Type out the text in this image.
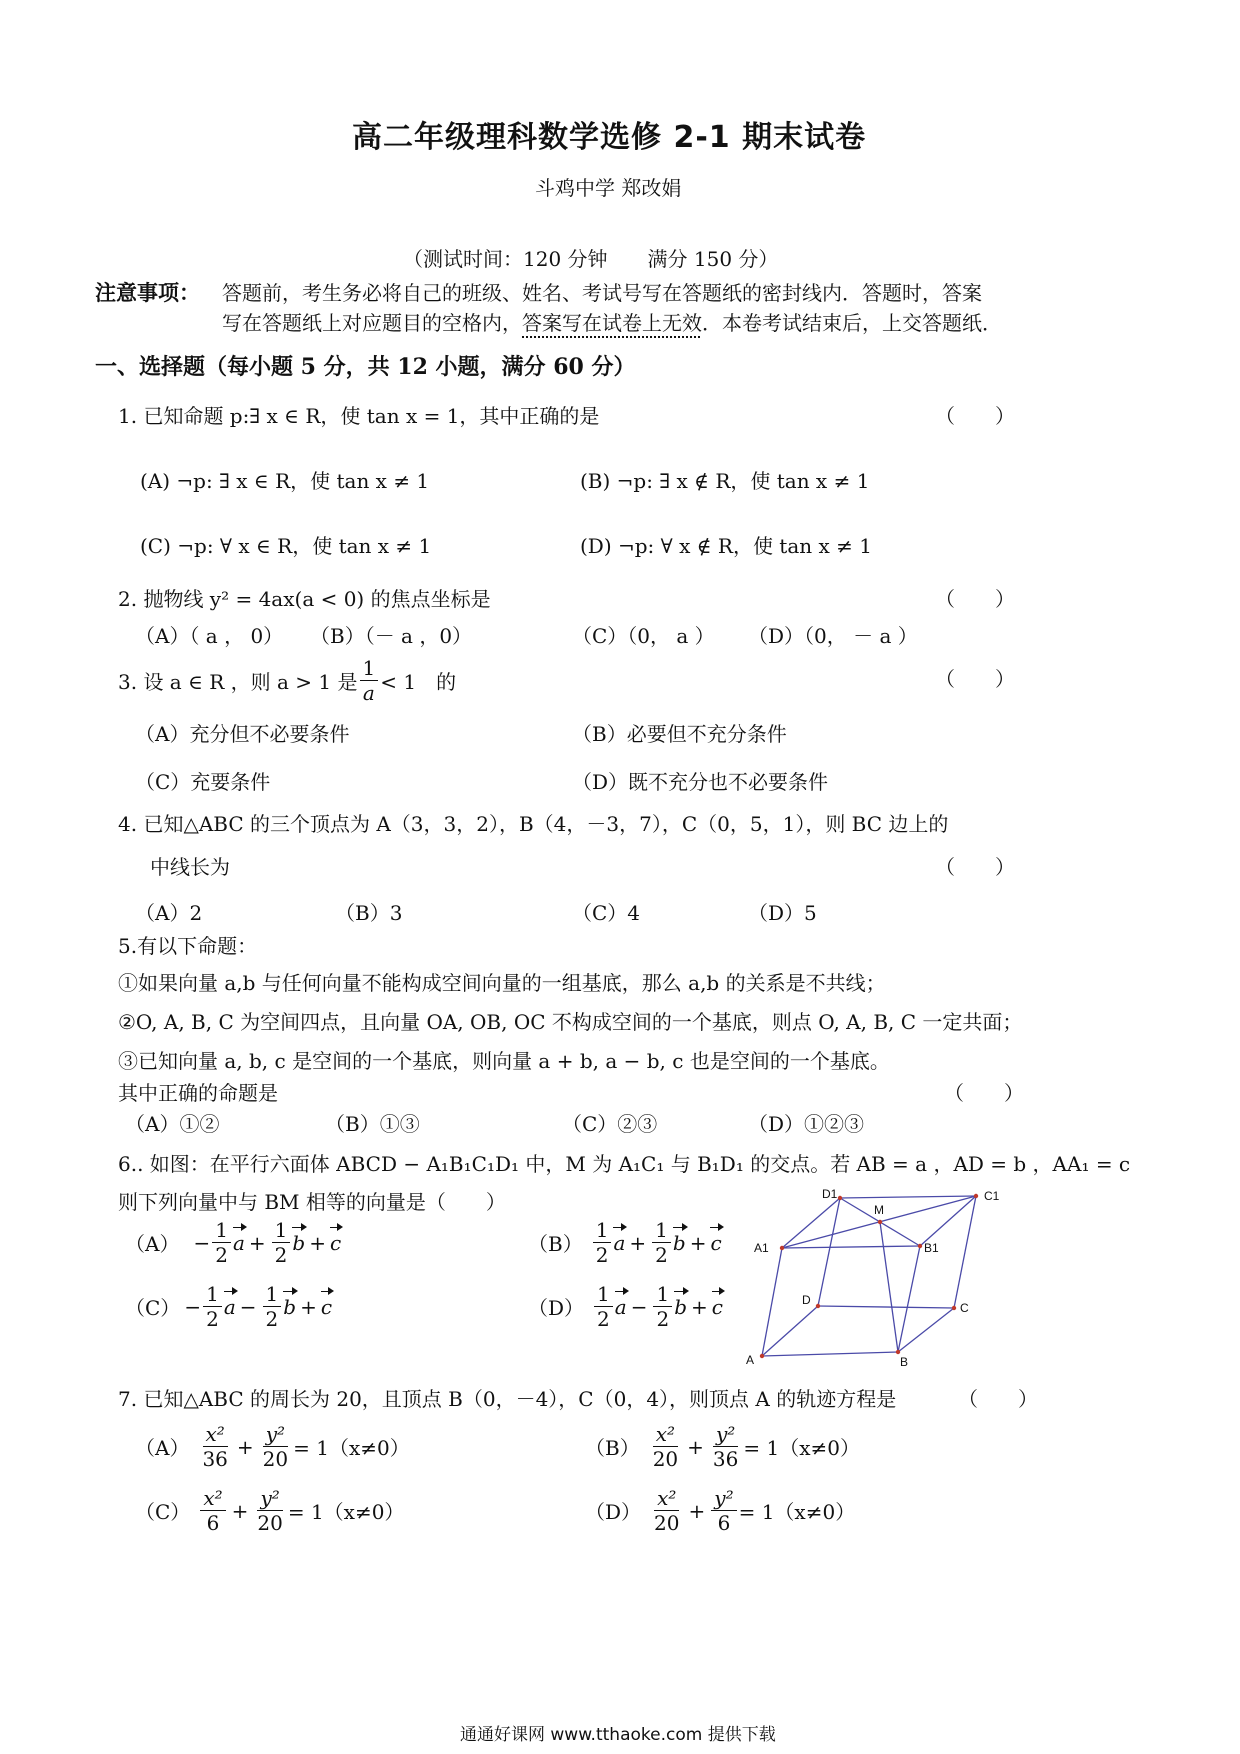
高二年级理科数学选修 2-1 期末试卷
斗鸡中学 郑改娟
（测试时间：120 分钟　　满分 150 分）
注意事项： 答题前，考生务必将自己的班级、姓名、考试号写在答题纸的密封线内．答题时，答案
写在答题纸上对应题目的空格内，答案写在试卷上无效．本卷考试结束后，上交答题纸．
一、选择题（每小题 5 分，共 12 小题，满分 60 分）
1. 已知命题 p:∃ x ∈ R，使 tan x = 1，其中正确的是	（　　）
(A) ¬p: ∃ x ∈ R，使 tan x ≠ 1	(B) ¬p: ∃ x ∉ R，使 tan x ≠ 1
(C) ¬p: ∀ x ∈ R，使 tan x ≠ 1	(D) ¬p: ∀ x ∉ R，使 tan x ≠ 1
2. 抛物线 y² = 4ax(a < 0) 的焦点坐标是	（　　）
（A）（ a ， 0） （B）（－ a ，0）	（C）（0， a ） （D）（0， － a ）
3. 设 a ∈ R ，则 a > 1 是 $\frac{1}{a} < 1$　的	（　　）
（A）充分但不必要条件	（B）必要但不充分条件
（C）充要条件	（D）既不充分也不必要条件
4. 已知△ABC 的三个顶点为 A（3，3，2），B（4，－3，7），C（0，5，1），则 BC 边上的
中线长为	（　　）
（A）2	（B）3	（C）4	（D）5
5.有以下命题：
①如果向量 a,b 与任何向量不能构成空间向量的一组基底，那么 a,b 的关系是不共线；
②O, A, B, C 为空间四点，且向量 OA, OB, OC 不构成空间的一个基底，则点 O, A, B, C 一定共面；
③已知向量 a, b, c 是空间的一个基底，则向量 a + b, a − b, c 也是空间的一个基底。
其中正确的命题是	（　　）
（A）①②	（B）①③	（C）②③	（D）①②③
6.. 如图：在平行六面体 ABCD − A₁B₁C₁D₁ 中，M 为 A₁C₁ 与 B₁D₁ 的交点。若 AB = a ，AD = b ，AA₁ = c
则下列向量中与 BM 相等的向量是（　　）
$(A) - \frac{1}{2}$ $a + \frac{1}{2}$ b + c	$(B) \frac{1}{2}$ $a + \frac{1}{2}$ b + c
$(C) - \frac{1}{2}$ $a - \frac{1}{2}$ b + c	$(D) \frac{1}{2}$ $a - \frac{1}{2}$ b + c
A	B
C
D
A1	B1
C1
D1
M
7. 已知△ABC 的周长为 20，且顶点 B（0，－4），C（0，4），则顶点 A 的轨迹方程是	（　　）
$(A) \frac{\text{x²}}{36} + \frac{\text{y²}}{20} = 1(x\ne 0)$	$(B) \frac{\text{x²}}{20} + \frac{\text{y²}}{36} = 1(x\ne 0)$
$(C) \frac{\text{x²}}{6} + \frac{\text{y²}}{20} = 1(x\ne 0)$	$(D) \frac{\text{x²}}{20} + \frac{\text{y²}}{6} = 1(x\ne 0)$
通通好课网 www.tthaoke.com 提供下载
